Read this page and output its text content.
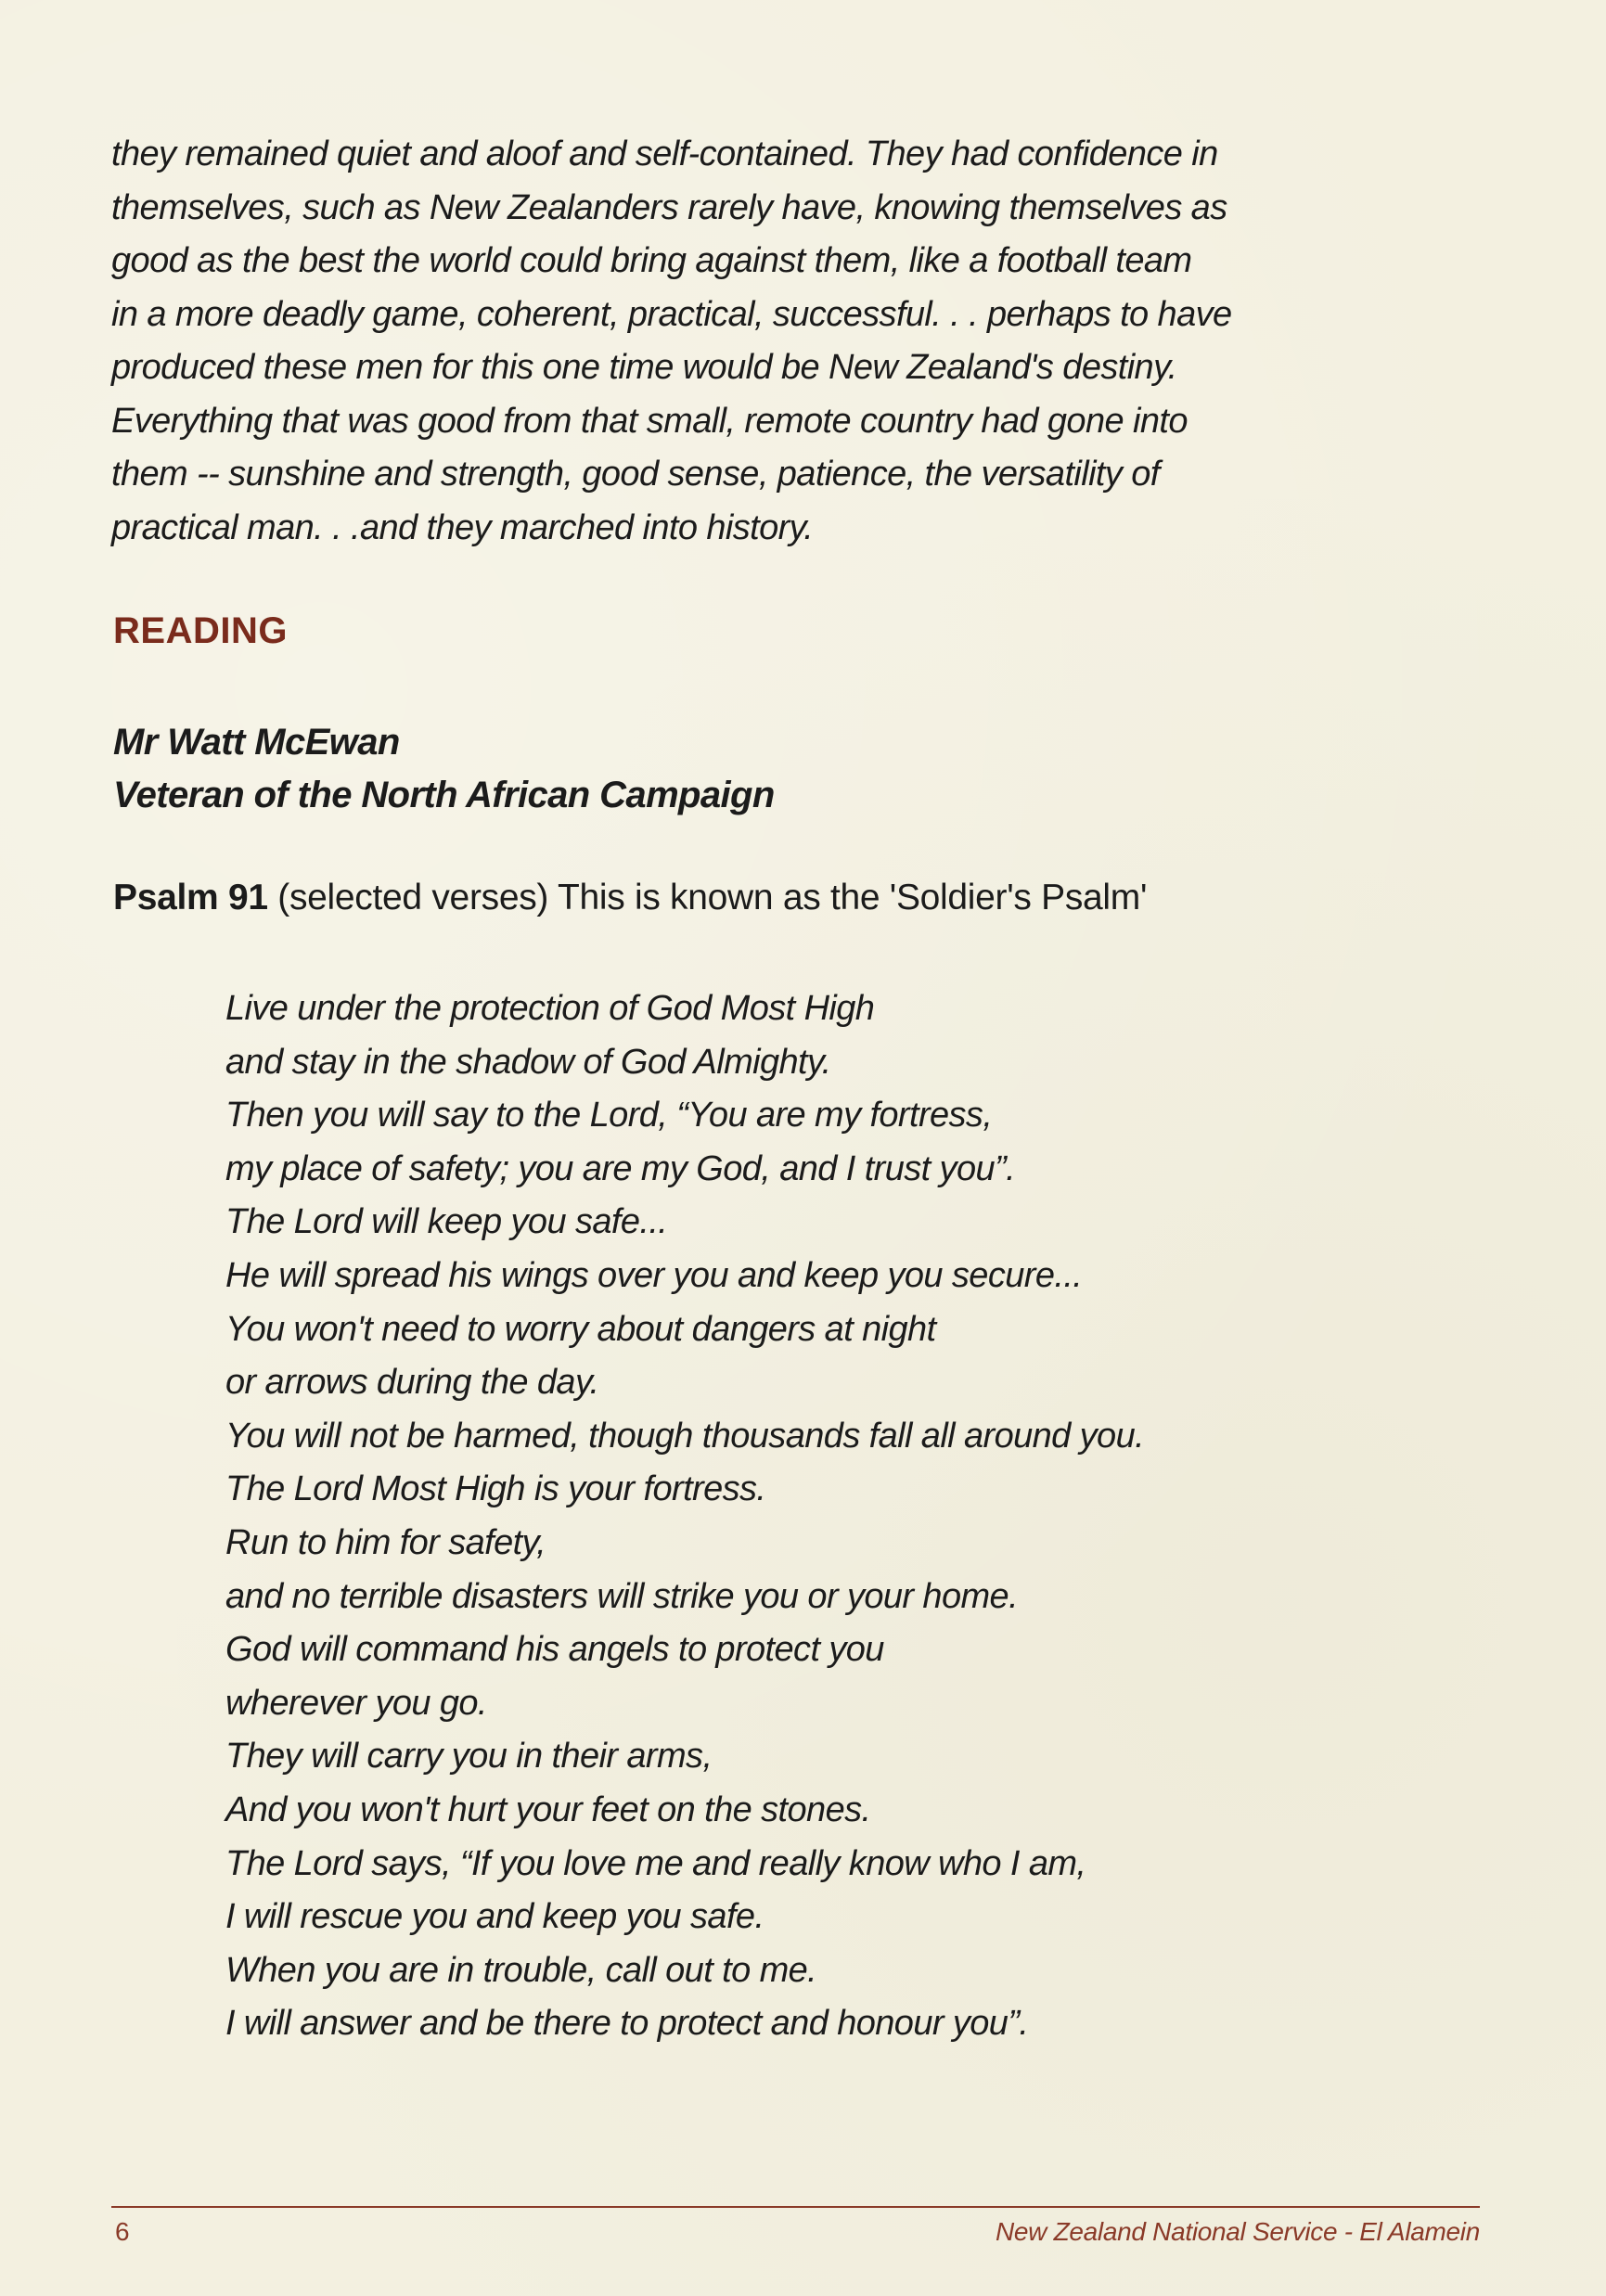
they remained quiet and aloof and self-contained. They had confidence in
themselves, such as New Zealanders rarely have, knowing themselves as
good as the best the world could bring against them, like a football team
in a more deadly game, coherent, practical, successful. . . perhaps to have
produced these men for this one time would be New Zealand's destiny.
Everything that was good from that small, remote country had gone into
them -- sunshine and strength, good sense, patience, the versatility of
practical man. . .and they marched into history.
READING
Mr Watt McEwan
Veteran of the North African Campaign
Psalm 91 (selected verses) This is known as the 'Soldier's Psalm'
Live under the protection of God Most High
and stay in the shadow of God Almighty.
Then you will say to the Lord, “You are my fortress,
my place of safety; you are my God, and I trust you”.
The Lord will keep you safe...
He will spread his wings over you and keep you secure...
You won't need to worry about dangers at night
or arrows during the day.
You will not be harmed, though thousands fall all around you.
The Lord Most High is your fortress.
Run to him for safety,
and no terrible disasters will strike you or your home.
God will command his angels to protect you
wherever you go.
They will carry you in their arms,
And you won't hurt your feet on the stones.
The Lord says, “If you love me and really know who I am,
I will rescue you and keep you safe.
When you are in trouble, call out to me.
I will answer and be there to protect and honour you”.
6	New Zealand National Service - El Alamein
